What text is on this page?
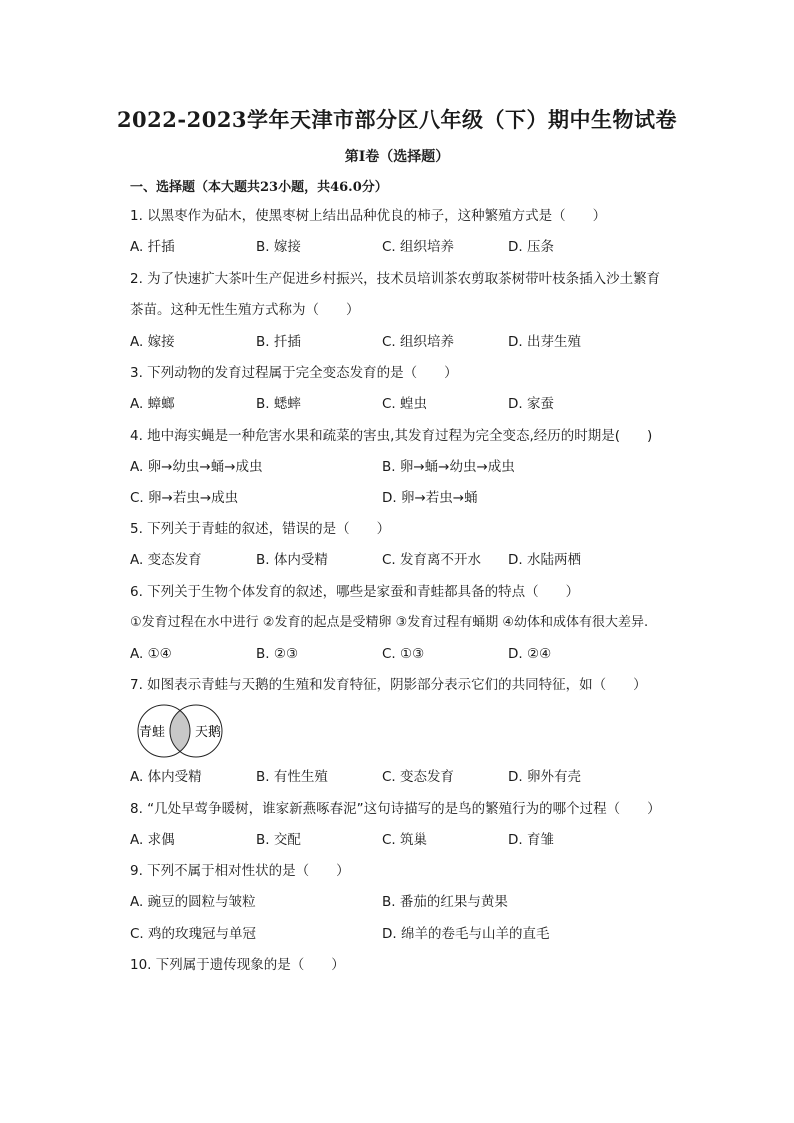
2022-2023学年天津市部分区八年级（下）期中生物试卷
第Ⅰ卷（选择题）
一、选择题（本大题共23小题，共46.0分）
1. 以黑枣作为砧木，使黑枣树上结出品种优良的柿子，这种繁殖方式是（　　）
A. 扦插	B. 嫁接	C. 组织培养	D. 压条
2. 为了快速扩大茶叶生产促进乡村振兴，技术员培训茶农剪取茶树带叶枝条插入沙土繁育
茶苗。这种无性生殖方式称为（　　）
A. 嫁接	B. 扦插	C. 组织培养	D. 出芽生殖
3. 下列动物的发育过程属于完全变态发育的是（　　）
A. 蟑螂	B. 蟋蟀	C. 蝗虫	D. 家蚕
4. 地中海实蝇是一种危害水果和疏菜的害虫,其发育过程为完全变态,经历的时期是(　　)
A. 卵→幼虫→蛹→成虫	B. 卵→蛹→幼虫→成虫
C. 卵→若虫→成虫	D. 卵→若虫→蛹
5. 下列关于青蛙的叙述，错误的是（　　）
A. 变态发育	B. 体内受精	C. 发育离不开水 D. 水陆两栖
6. 下列关于生物个体发育的叙述，哪些是家蚕和青蛙都具备的特点（　　）
①发育过程在水中进行 ②发育的起点是受精卵 ③发育过程有蛹期 ④幼体和成体有很大差异.
A. ①④	B. ②③	C. ①③	D. ②④
7. 如图表示青蛙与天鹅的生殖和发育特征，阴影部分表示它们的共同特征，如（　　）
青蛙 天鹅
A. 体内受精	B. 有性生殖	C. 变态发育	D. 卵外有壳
8. “几处早莺争暖树，谁家新燕啄春泥”这句诗描写的是鸟的繁殖行为的哪个过程（　　）
A. 求偶	B. 交配	C. 筑巢	D. 育雏
9. 下列不属于相对性状的是（　　）
A. 豌豆的圆粒与皱粒	B. 番茄的红果与黄果
C. 鸡的玫瑰冠与单冠	D. 绵羊的卷毛与山羊的直毛
10. 下列属于遗传现象的是（　　）
